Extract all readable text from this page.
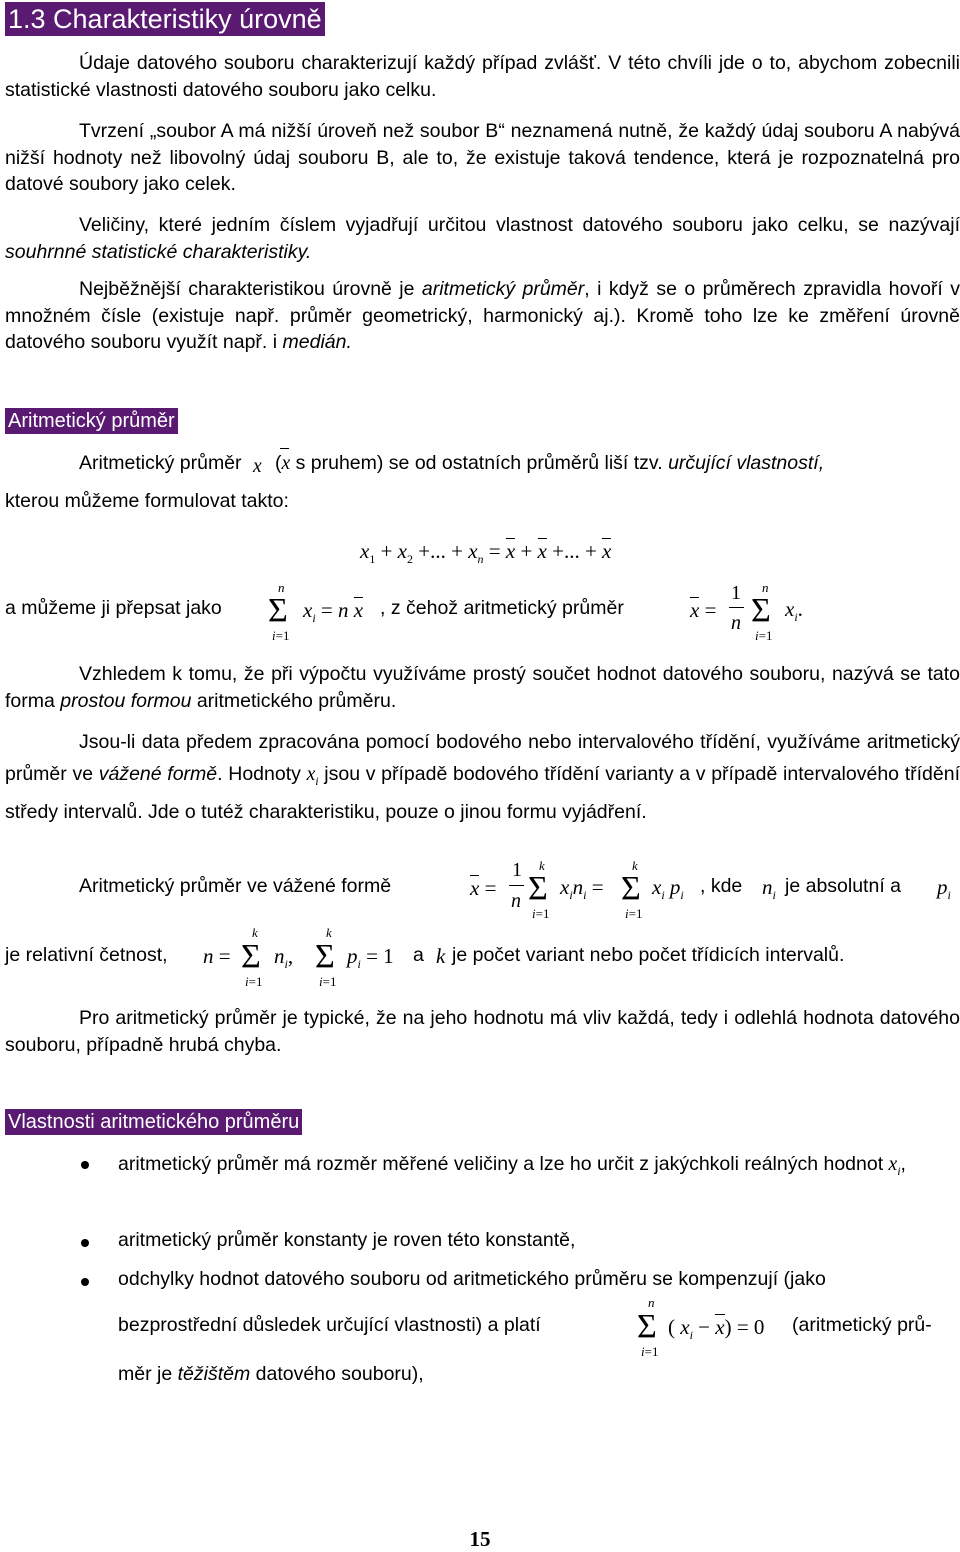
1.3 Charakteristiky úrovně
Údaje datového souboru charakterizují každý případ zvlášť. V této chvíli jde o to, abychom zobecnili statistické vlastnosti datového souboru jako celku.
Tvrzení „soubor A má nižší úroveň než soubor B“ neznamená nutně, že každý údaj souboru A nabývá nižší hodnoty než libovolný údaj souboru B, ale to, že existuje taková tendence, která je rozpoznatelná pro datové soubory jako celek.
Veličiny, které jedním číslem vyjadřují určitou vlastnost datového souboru jako celku, se nazývají souhrnné statistické charakteristiky.
Nejběžnější charakteristikou úrovně je aritmetický průměr, i když se o průměrech zpravidla hovoří v množném čísle (existuje např. průměr geometrický, harmonický aj.). Kromě toho lze ke změření úrovně datového souboru využít např. i medián.
Aritmetický průměr
Aritmetický průměr x (x s pruhem) se od ostatních průměrů liší tzv. určující vlastností,
kterou můžeme formulovat takto:
$x_1 + x_2$ +... + $x_n = x + x$ +... + x
a můžeme ji přepsat jako
n
Σ
i=1
$x_i = n$ x , z čehož aritmetický průměr	x =
1
n
n
Σ
i=1
$x_i$.
Vzhledem k tomu, že při výpočtu využíváme prostý součet hodnot datového souboru, nazývá se tato forma prostou formou aritmetického průměru.
Jsou-li data předem zpracována pomocí bodového nebo intervalového třídění, využíváme aritmetický průměr ve vážené formě. Hodnoty $x_i$ jsou v případě bodového třídění varianty a v případě intervalového třídění středy intervalů. Jde o tutéž charakteristiku, pouze o jinou formu vyjádření.
Aritmetický průměr ve vážené formě	x =
1
n
k
Σ
i=1
$x_in_i$ =
k
Σ
i=1
$x_i$ $p_i$ , kde $n_i$ je absolutní a $p_i$
je relativní četnost, n =
k
Σ
i=1
$n_i$,
k
Σ
i=1
$p_i = 1$ a k je počet variant nebo počet třídicích intervalů.
Pro aritmetický průměr je typické, že na jeho hodnotu má vliv každá, tedy i odlehlá hodnota datového souboru, případně hrubá chyba.
Vlastnosti aritmetického průměru
aritmetický průměr má rozměr měřené veličiny a lze ho určit z jakýchkoli reálných hodnot $x_i$,
aritmetický průměr konstanty je roven této konstantě,
odchylky hodnot datového souboru od aritmetického průměru se kompenzují (jako
bezprostřední důsledek určující vlastnosti) a platí
n
Σ
i=1
( $x_i - x) = 0$ (aritmetický prů-
měr je těžištěm datového souboru),
15
